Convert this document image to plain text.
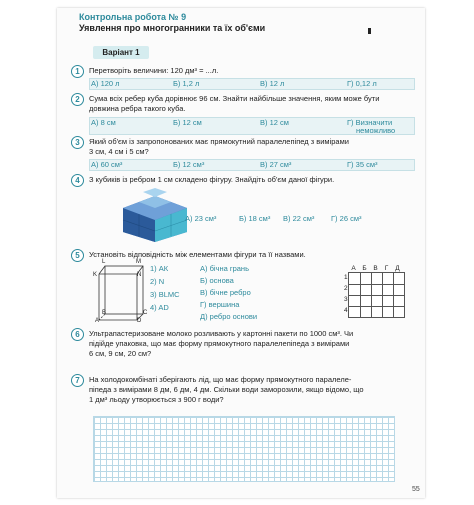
Контрольна робота № 9
Уявлення про многогранники та їх об'єми
Варіант 1
1	Перетворіть величини: 120 дм³ = ...л.
А) 120 л	Б) 1,2 л	В) 12 л	Г) 0,12 л
2	Сума всіх ребер куба дорівнює 96 см. Знайти найбільше значення, яким може бути
довжина ребра такого куба.
А) 8 см	Б) 12 см	В) 12 см	Г) Визначити
неможливо
3	Який об'єм із запропонованих має прямокутний паралелепіпед з вимірами
3 см, 4 см і 5 см?
А) 60 см³	Б) 12 см³	В) 27 см³	Г) 35 см³
4	З кубиків із ребром 1 см складено фігуру. Знайдіть об'єм даної фігури.
А) 23 см³	Б) 18 см³ В) 22 см³ Г) 26 см³
5	Установіть відповідність між елементами фігури та її назвами.
L	M
K	N
B	C
A	D
1) АК
2) N
3) BLMC
4) AD
А) бічна грань
Б) основа
В) бічне ребро
Г) вершина
Д) ребро основи
А	Б	В	Г	Д
1
2
3
4
6	Ультрапастеризоване молоко розливають у картонні пакети по 1000 см³. Чи
підійде упаковка, що має форму прямокутного паралелепіпеда з вимірами
6 см, 9 см, 20 см?
7	На холодокомбінаті зберігають лід, що має форму прямокутного паралеле-
піпеда з вимірами 8 дм, 6 дм, 4 дм. Скільки води заморозили, якщо відомо, що
1 дм³ льоду утворюється з 900 г води?
55
